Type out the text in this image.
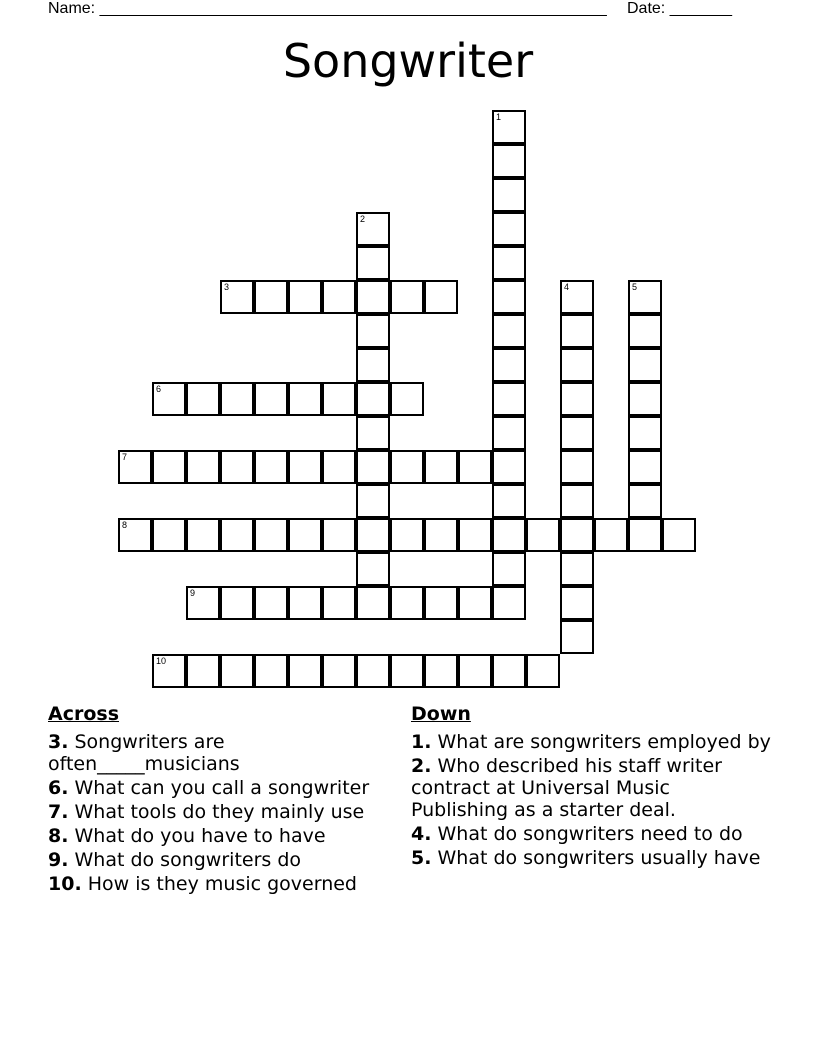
Name: _________________________________________________________ Date: _______
Songwriter
1
2
3	4	5
6
7
8
9
10
Across
3. Songwriters are often_____musicians
6. What can you call a songwriter
7. What tools do they mainly use
8. What do you have to have
9. What do songwriters do
10. How is they music governed
Down
1. What are songwriters employed by
2. Who described his staff writer contract at Universal Music Publishing as a starter deal.
4. What do songwriters need to do
5. What do songwriters usually have
